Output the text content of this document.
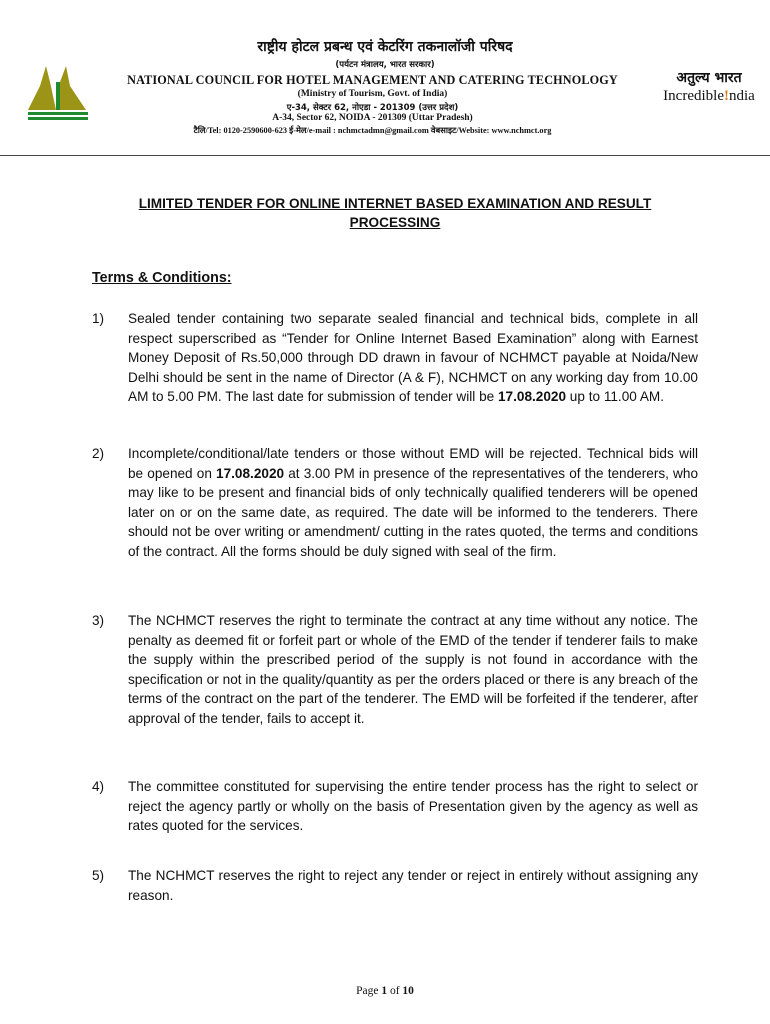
राष्ट्रीय होटल प्रबन्ध एवं केटरिंग तकनालॉजी परिषद
(पर्यटन मंत्रालय, भारत सरकार)
NATIONAL COUNCIL FOR HOTEL MANAGEMENT AND CATERING TECHNOLOGY
(Ministry of Tourism, Govt. of India)
ए-34, सेक्टर 62, नोएडा - 201309 (उत्तर प्रदेश)
A-34, Sector 62, NOIDA - 201309 (Uttar Pradesh)
टैलि/Tel: 0120-2590600-623 ई-मेल/e-mail : nchmctadmn@gmail.com वेबसाइट/Website: www.nchmct.org
अतुल्य भारत
Incredible!ndia
LIMITED TENDER FOR ONLINE INTERNET BASED EXAMINATION AND RESULT
PROCESSING
Terms & Conditions:
1) Sealed tender containing two separate sealed financial and technical bids, complete in all respect superscribed as “Tender for Online Internet Based Examination” along with Earnest Money Deposit of Rs.50,000 through DD drawn in favour of NCHMCT payable at Noida/New Delhi should be sent in the name of Director (A & F), NCHMCT on any working day from 10.00 AM to 5.00 PM. The last date for submission of tender will be 17.08.2020 up to 11.00 AM.
2) Incomplete/conditional/late tenders or those without EMD will be rejected. Technical bids will be opened on 17.08.2020 at 3.00 PM in presence of the representatives of the tenderers, who may like to be present and financial bids of only technically qualified tenderers will be opened later on or on the same date, as required. The date will be informed to the tenderers. There should not be over writing or amendment/ cutting in the rates quoted, the terms and conditions of the contract. All the forms should be duly signed with seal of the firm.
3) The NCHMCT reserves the right to terminate the contract at any time without any notice. The penalty as deemed fit or forfeit part or whole of the EMD of the tender if tenderer fails to make the supply within the prescribed period of the supply is not found in accordance with the specification or not in the quality/quantity as per the orders placed or there is any breach of the terms of the contract on the part of the tenderer. The EMD will be forfeited if the tenderer, after approval of the tender, fails to accept it.
4) The committee constituted for supervising the entire tender process has the right to select or reject the agency partly or wholly on the basis of Presentation given by the agency as well as rates quoted for the services.
5) The NCHMCT reserves the right to reject any tender or reject in entirely without assigning any reason.
Page 1 of 10
